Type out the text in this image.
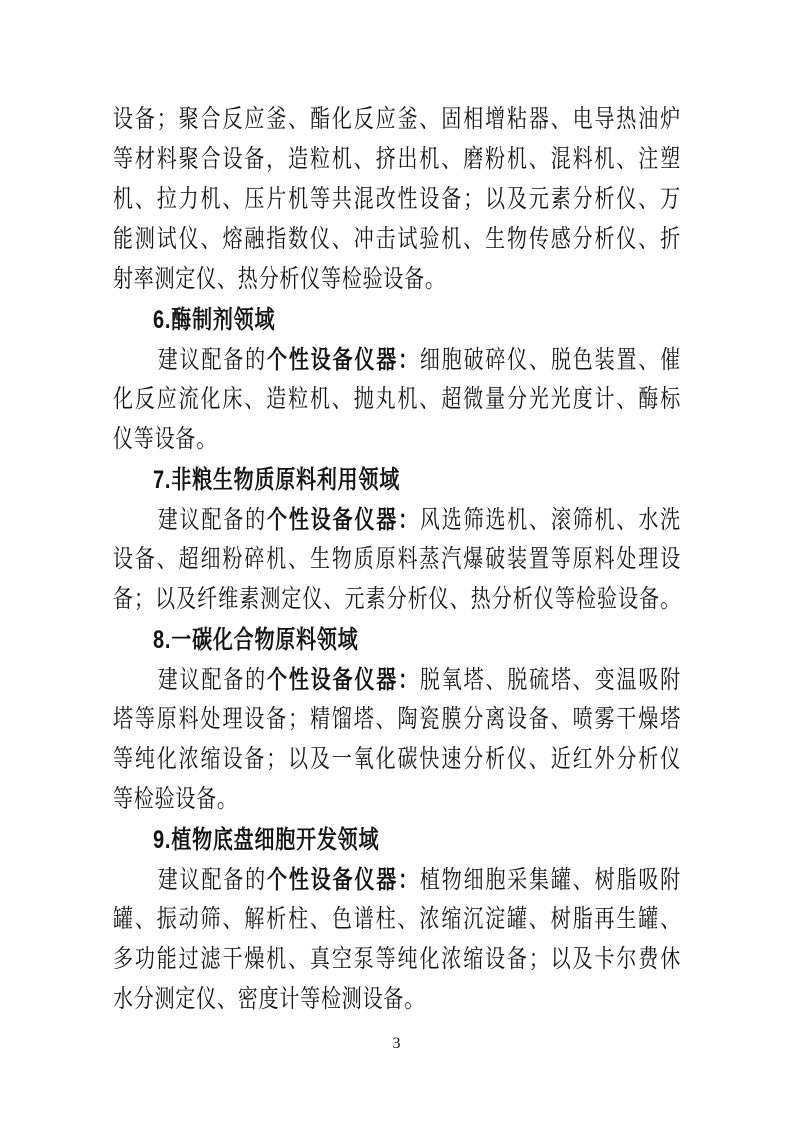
设备；聚合反应釜、酯化反应釜、固相增粘器、电导热油炉
等材料聚合设备，造粒机、挤出机、磨粉机、混料机、注塑
机、拉力机、压片机等共混改性设备；以及元素分析仪、万
能测试仪、熔融指数仪、冲击试验机、生物传感分析仪、折
射率测定仪、热分析仪等检验设备。
6.酶制剂领域
建议配备的个性设备仪器：细胞破碎仪、脱色装置、催
化反应流化床、造粒机、抛丸机、超微量分光光度计、酶标
仪等设备。
7.非粮生物质原料利用领域
建议配备的个性设备仪器：风选筛选机、滚筛机、水洗
设备、超细粉碎机、生物质原料蒸汽爆破装置等原料处理设
备；以及纤维素测定仪、元素分析仪、热分析仪等检验设备。
8.一碳化合物原料领域
建议配备的个性设备仪器：脱氧塔、脱硫塔、变温吸附
塔等原料处理设备；精馏塔、陶瓷膜分离设备、喷雾干燥塔
等纯化浓缩设备；以及一氧化碳快速分析仪、近红外分析仪
等检验设备。
9.植物底盘细胞开发领域
建议配备的个性设备仪器：植物细胞采集罐、树脂吸附
罐、振动筛、解析柱、色谱柱、浓缩沉淀罐、树脂再生罐、
多功能过滤干燥机、真空泵等纯化浓缩设备；以及卡尔费休
水分测定仪、密度计等检测设备。
3
